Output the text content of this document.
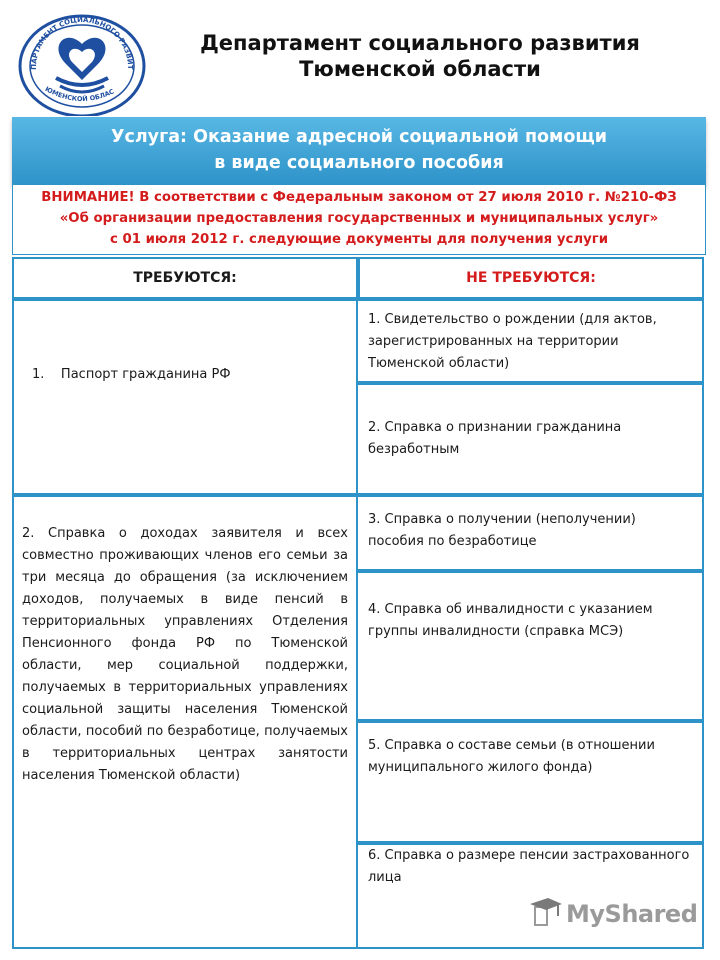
ПАРТАМЕНТ СОЦИАЛЬНОГО РАЗВИТ
ЮМЕНСКОЙ ОБЛАС
Департамент социального развития
Тюменской области
Услуга: Оказание адресной социальной помощи
в виде социального пособия
ВНИМАНИЕ! В соответствии с Федеральным законом от 27 июля 2010 г. №210-ФЗ
«Об организации предоставления государственных и муниципальных услуг»
с 01 июля 2012 г. следующие документы для получения услуги
ТРЕБУЮТСЯ:	НЕ ТРЕБУЮТСЯ:
1.    Паспорт гражданина РФ
2. Справка о доходах заявителя и всех совместно проживающих членов его семьи за три месяца до обращения (за исключением доходов, получаемых в виде пенсий в территориальных управлениях Отделения Пенсионного фонда РФ по Тюменской области, мер социальной поддержки, получаемых в территориальных управлениях социальной защиты населения Тюменской области, пособий по безработице, получаемых в территориальных центрах занятости населения Тюменской области)
1. Свидетельство о рождении (для актов, зарегистрированных на территории Тюменской области)
2. Справка о признании гражданина безработным
3. Справка о получении (неполучении) пособия по безработице
4. Справка об инвалидности с указанием группы инвалидности (справка МСЭ)
5. Справка о составе семьи (в отношении муниципального жилого фонда)
6. Справка о размере пенсии застрахованного лица
MyShared
